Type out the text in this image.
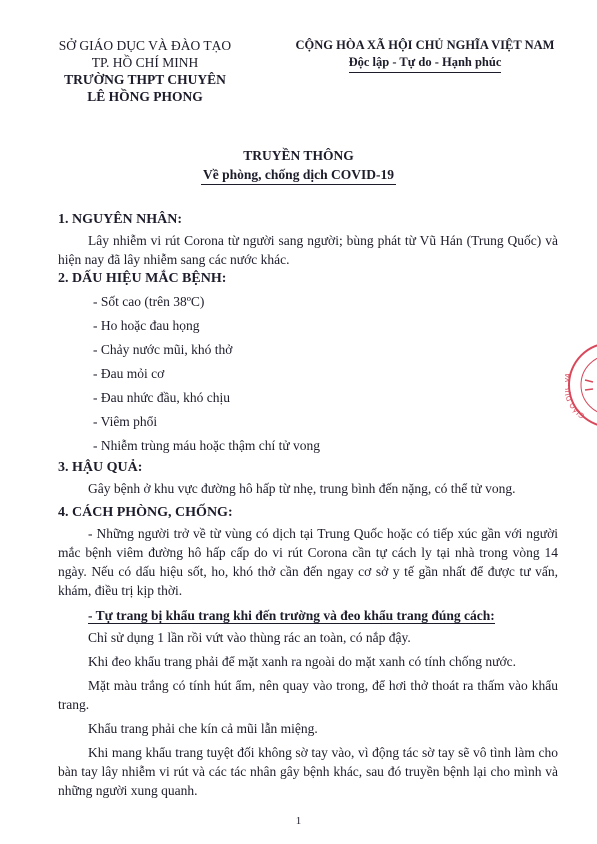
SỞ GIÁO DỤC VÀ ĐÀO TẠO
TP. HỒ CHÍ MINH
TRƯỜNG THPT CHUYÊN
LÊ HỒNG PHONG
CỘNG HÒA XÃ HỘI CHỦ NGHĨA VIỆT NAM
Độc lập - Tự do - Hạnh phúc
TRUYỀN THÔNG
Về phòng, chống dịch COVID-19
1. NGUYÊN NHÂN:

Lây nhiễm vi rút Corona từ người sang người; bùng phát từ Vũ Hán (Trung Quốc) và hiện nay đã lây nhiễm sang các nước khác.

2. DẤU HIỆU MẮC BỆNH:
- Sốt cao (trên 38ºC)
- Ho hoặc đau họng
- Chảy nước mũi, khó thở
- Đau mỏi cơ
- Đau nhức đầu, khó chịu
- Viêm phổi
- Nhiễm trùng máu hoặc thậm chí tử vong
3. HẬU QUẢ:

Gây bệnh ở khu vực đường hô hấp từ nhẹ, trung bình đến nặng, có thể tử vong.

4. CÁCH PHÒNG, CHỐNG:

- Những người trở về từ vùng có dịch tại Trung Quốc hoặc có tiếp xúc gần với người mắc bệnh viêm đường hô hấp cấp do vi rút Corona cần tự cách ly tại nhà trong vòng 14 ngày. Nếu có dấu hiệu sốt, ho, khó thở cần đến ngay cơ sở y tế gần nhất để được tư vấn, khám, điều trị kịp thời.

- Tự trang bị khẩu trang khi đến trường và đeo khẩu trang đúng cách:

Chỉ sử dụng 1 lần rồi vứt vào thùng rác an toàn, có nắp đậy.

Khi đeo khẩu trang phải để mặt xanh ra ngoài do mặt xanh có tính chống nước.

Mặt màu trắng có tính hút ẩm, nên quay vào trong, để hơi thở thoát ra thấm vào khẩu trang.

Khẩu trang phải che kín cả mũi lẫn miệng.

Khi mang khẩu trang tuyệt đối không sờ tay vào, vì động tác sờ tay sẽ vô tình làm cho bàn tay lây nhiễm vi rút và các tác nhân gây bệnh khác, sau đó truyền bệnh lại cho mình và những người xung quanh.

1
GIÁO D
